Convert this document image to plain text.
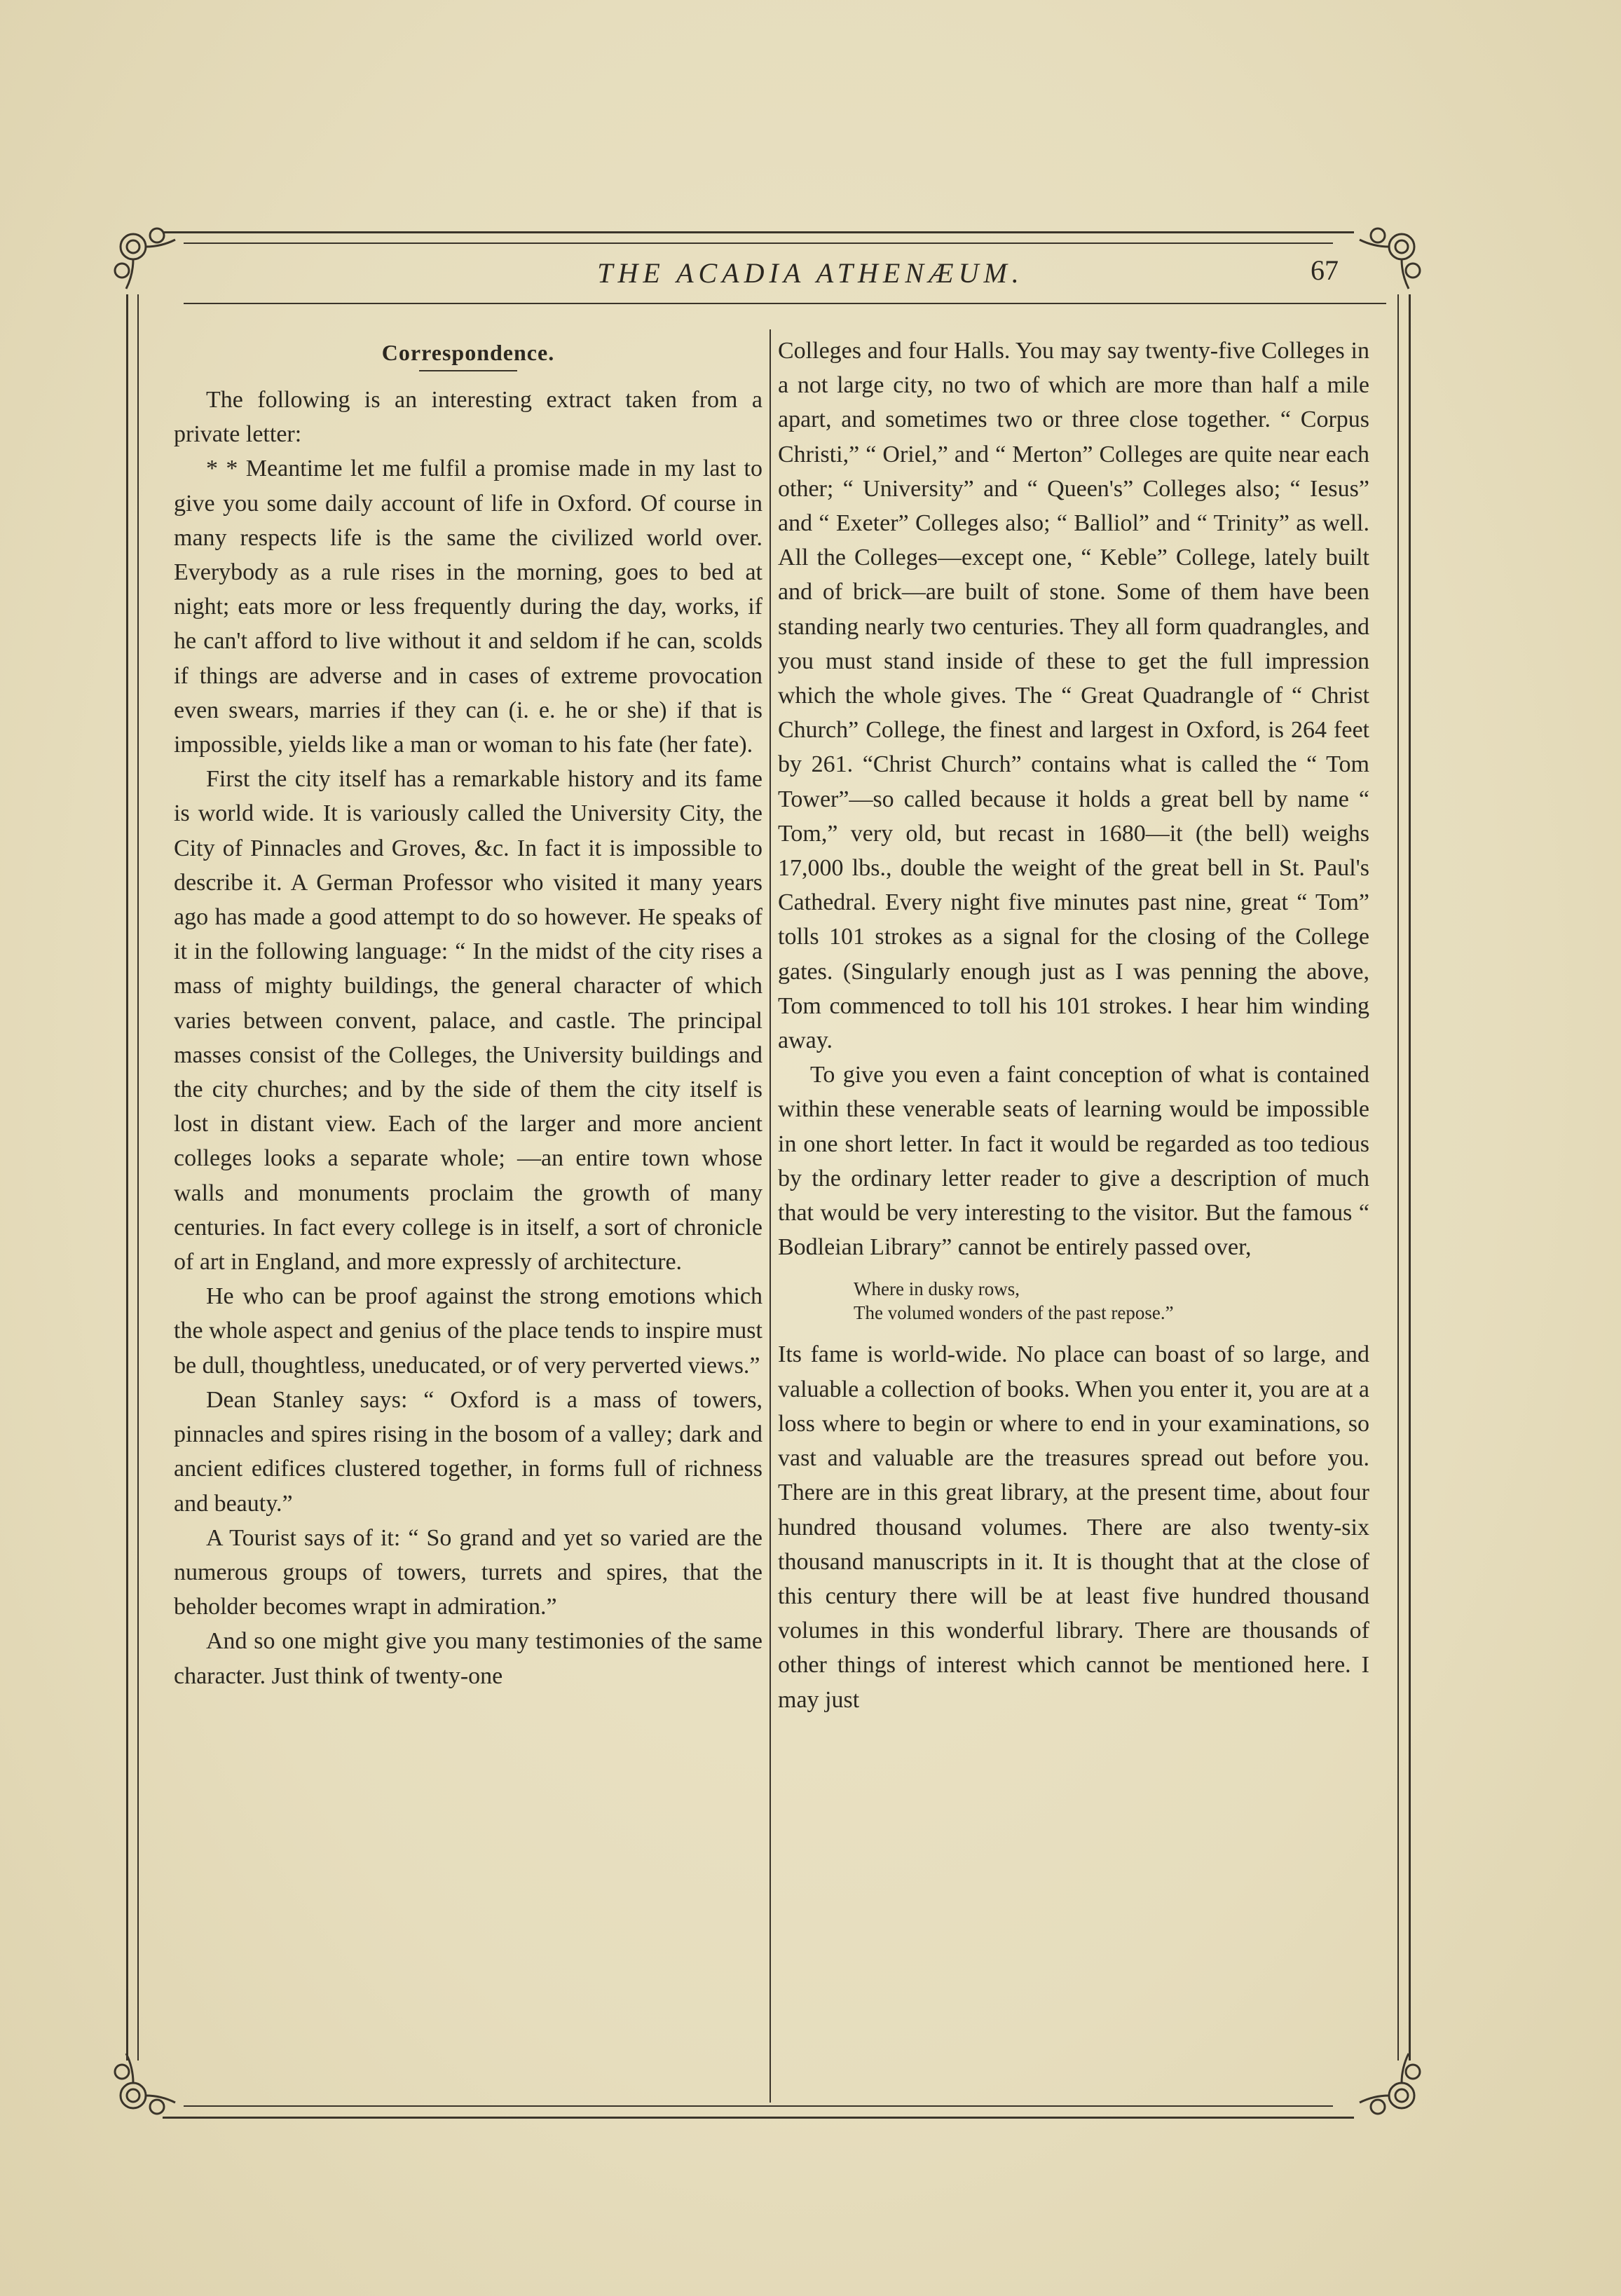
THE ACADIA ATHENÆUM.	67
Correspondence.

The following is an interesting extract taken from a private letter:

* * Meantime let me fulfil a promise made in my last to give you some daily account of life in Oxford. Of course in many respects life is the same the civilized world over. Everybody as a rule rises in the morning, goes to bed at night; eats more or less frequently during the day, works, if he can't afford to live without it and seldom if he can, scolds if things are adverse and in cases of extreme provocation even swears, marries if they can (i. e. he or she) if that is impossible, yields like a man or woman to his fate (her fate).

First the city itself has a remarkable history and its fame is world wide. It is variously called the University City, the City of Pinnacles and Groves, &c. In fact it is impossible to describe it. A German Professor who visited it many years ago has made a good attempt to do so however. He speaks of it in the following language: “ In the midst of the city rises a mass of mighty buildings, the general character of which varies between convent, palace, and castle. The principal masses consist of the Colleges, the University buildings and the city churches; and by the side of them the city itself is lost in distant view. Each of the larger and more ancient colleges looks a separate whole; —an entire town whose walls and monuments proclaim the growth of many centuries. In fact every college is in itself, a sort of chronicle of art in England, and more expressly of architecture.

He who can be proof against the strong emotions which the whole aspect and genius of the place tends to inspire must be dull, thoughtless, uneducated, or of very perverted views.”

Dean Stanley says: “ Oxford is a mass of towers, pinnacles and spires rising in the bosom of a valley; dark and ancient edifices clustered together, in forms full of richness and beauty.”

A Tourist says of it: “ So grand and yet so varied are the numerous groups of towers, turrets and spires, that the beholder becomes wrapt in admiration.”

And so one might give you many testimonies of the same character. Just think of twenty-one

Colleges and four Halls. You may say twenty-five Colleges in a not large city, no two of which are more than half a mile apart, and sometimes two or three close together. “ Corpus Christi,” “ Oriel,” and “ Merton” Colleges are quite near each other; “ University” and “ Queen's” Colleges also; “ Iesus” and “ Exeter” Colleges also; “ Balliol” and “ Trinity” as well. All the Colleges—except one, “ Keble” College, lately built and of brick—are built of stone. Some of them have been standing nearly two centuries. They all form quadrangles, and you must stand inside of these to get the full impression which the whole gives. The “ Great Quadrangle of “ Christ Church” College, the finest and largest in Oxford, is 264 feet by 261. “Christ Church” contains what is called the “ Tom Tower”—so called because it holds a great bell by name “ Tom,” very old, but recast in 1680—it (the bell) weighs 17,000 lbs., double the weight of the great bell in St. Paul's Cathedral. Every night five minutes past nine, great “ Tom” tolls 101 strokes as a signal for the closing of the College gates. (Singularly enough just as I was penning the above, Tom commenced to toll his 101 strokes. I hear him winding away.

To give you even a faint conception of what is contained within these venerable seats of learning would be impossible in one short letter. In fact it would be regarded as too tedious by the ordinary letter reader to give a description of much that would be very interesting to the visitor. But the famous “ Bodleian Library” cannot be entirely passed over,

Where in dusky rows,
The volumed wonders of the past repose.”

Its fame is world-wide. No place can boast of so large, and valuable a collection of books. When you enter it, you are at a loss where to begin or where to end in your examinations, so vast and valuable are the treasures spread out before you. There are in this great library, at the present time, about four hundred thousand volumes. There are also twenty-six thousand manuscripts in it. It is thought that at the close of this century there will be at least five hundred thousand volumes in this wonderful library. There are thousands of other things of interest which cannot be mentioned here. I may just
